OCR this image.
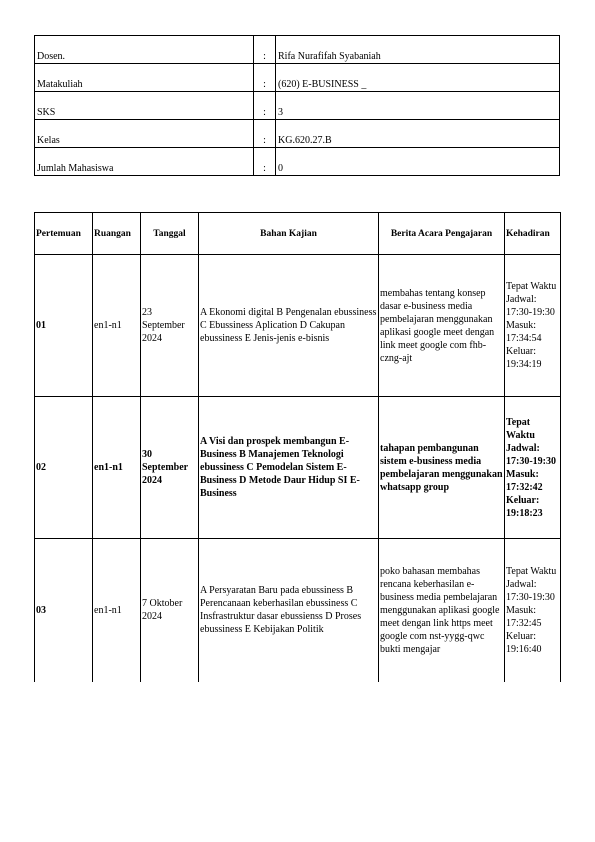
Dosen.	:	Rifa Nurafifah Syabaniah
Matakuliah	:	(620) E-BUSINESS _
SKS	:	3
Kelas	:	KG.620.27.B
Jumlah Mahasiswa	:	0
Pertemuan	Ruangan	Tanggal	Bahan Kajian	Berita Acara Pengajaran	Kehadiran
01	en1-n1	23 September 2024	A Ekonomi digital B Pengenalan ebussiness C Ebussiness Aplication D Cakupan ebussiness E Jenis-jenis e-bisnis	membahas tentang konsep dasar e-business media pembelajaran menggunakan aplikasi google meet dengan link meet google com fhb-czng-ajt	Tepat Waktu Jadwal: 17:30-19:30 Masuk: 17:34:54 Keluar: 19:34:19
02	en1-n1	30 September 2024	A Visi dan prospek membangun E-Business B Manajemen Teknologi ebussiness C Pemodelan Sistem E-Business D Metode Daur Hidup SI E- Business	tahapan pembangunan sistem e-business media pembelajaran menggunakan whatsapp group	Tepat Waktu Jadwal: 17:30-19:30 Masuk: 17:32:42 Keluar: 19:18:23
03	en1-n1	7 Oktober 2024	A Persyaratan Baru pada ebussiness B Perencanaan keberhasilan ebussiness C Insfrastruktur dasar ebussienss D Proses ebussiness E Kebijakan Politik	poko bahasan membahas rencana keberhasilan e-business media pembelajaran menggunakan aplikasi google meet dengan link https meet google com nst-yygg-qwc bukti mengajar	Tepat Waktu Jadwal: 17:30-19:30 Masuk: 17:32:45 Keluar: 19:16:40
